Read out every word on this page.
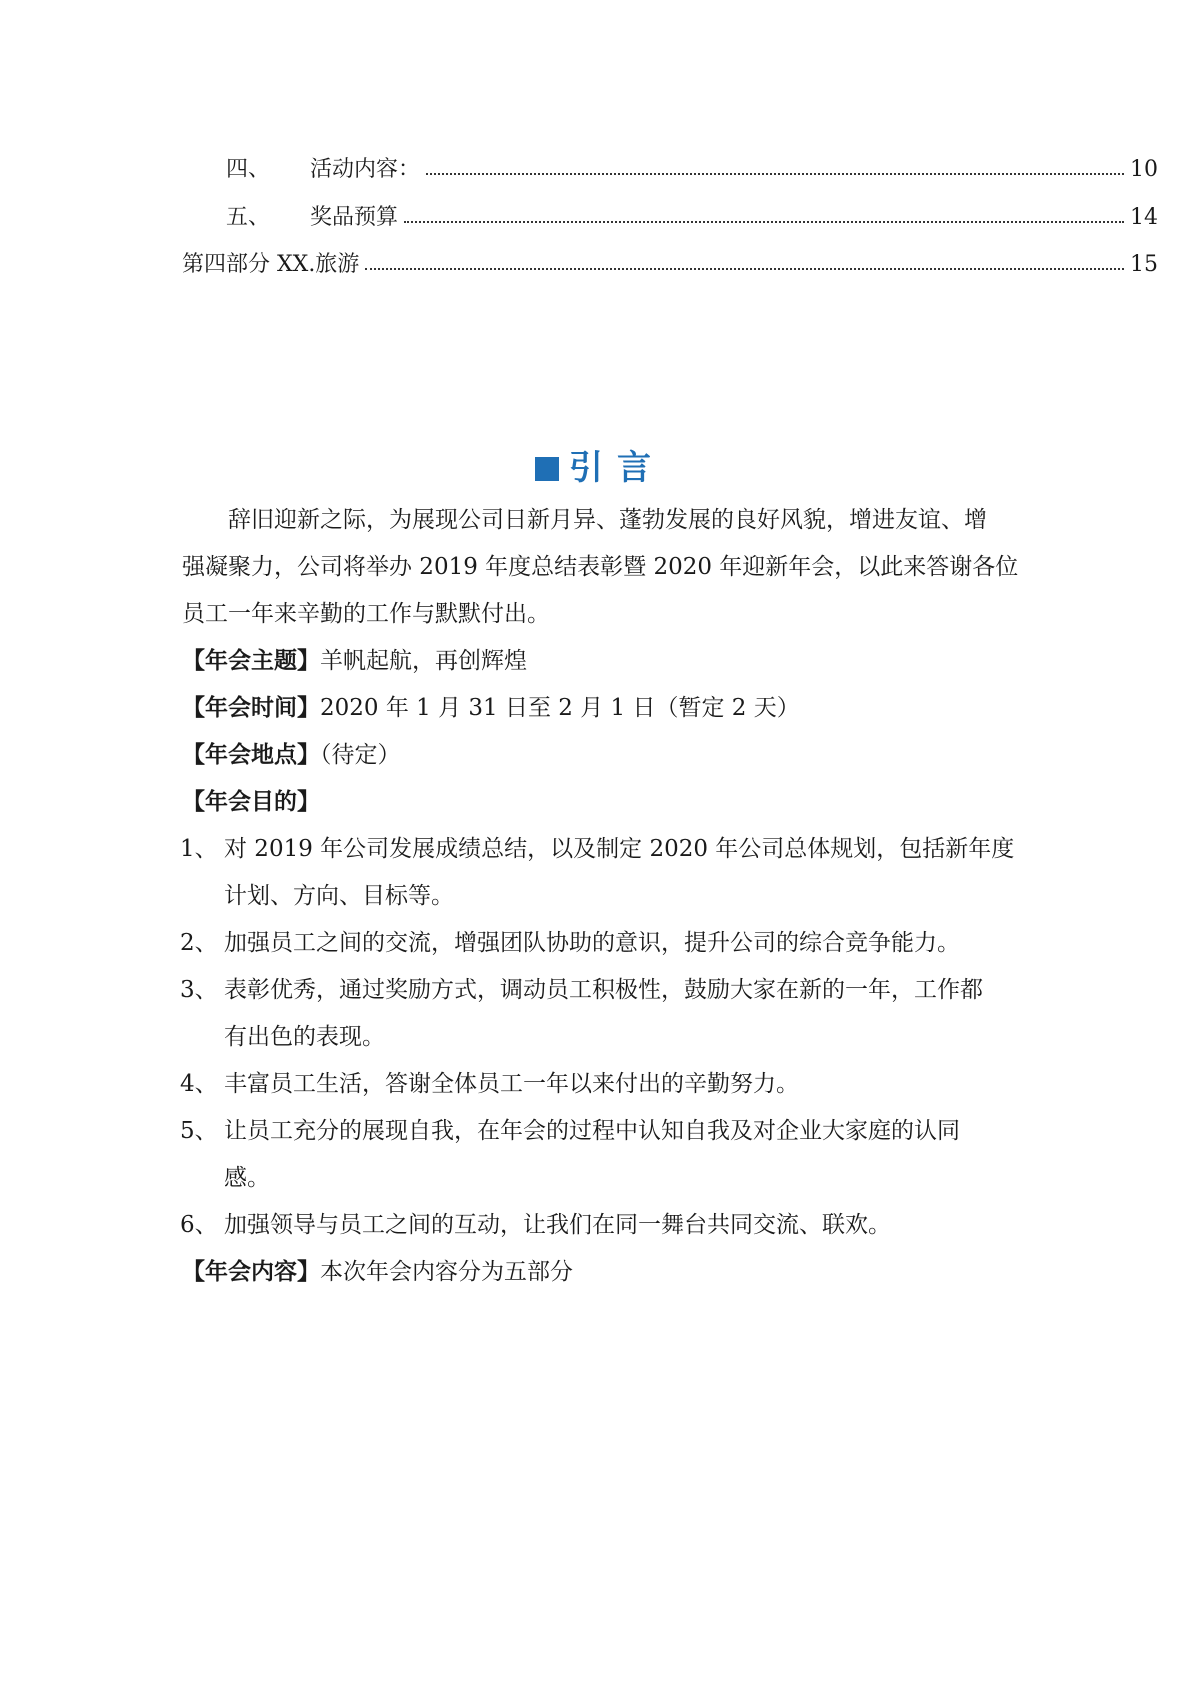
四、	活动内容：	10
五、	奖品预算	14
第四部分 XX.旅游	15
引言
辞旧迎新之际，为展现公司日新月异、蓬勃发展的良好风貌，增进友谊、增
强凝聚力，公司将举办 2019 年度总结表彰暨 2020 年迎新年会，以此来答谢各位
员工一年来辛勤的工作与默默付出。
【年会主题】羊帆起航，再创辉煌
【年会时间】2020 年 1 月 31 日至 2 月 1 日（暂定 2 天）
【年会地点】（待定）
【年会目的】
1、 对 2019 年公司发展成绩总结，以及制定 2020 年公司总体规划，包括新年度
计划、方向、目标等。
2、 加强员工之间的交流，增强团队协助的意识，提升公司的综合竞争能力。
3、 表彰优秀，通过奖励方式，调动员工积极性，鼓励大家在新的一年，工作都
有出色的表现。
4、 丰富员工生活，答谢全体员工一年以来付出的辛勤努力。
5、 让员工充分的展现自我，在年会的过程中认知自我及对企业大家庭的认同
感。
6、 加强领导与员工之间的互动，让我们在同一舞台共同交流、联欢。
【年会内容】本次年会内容分为五部分
